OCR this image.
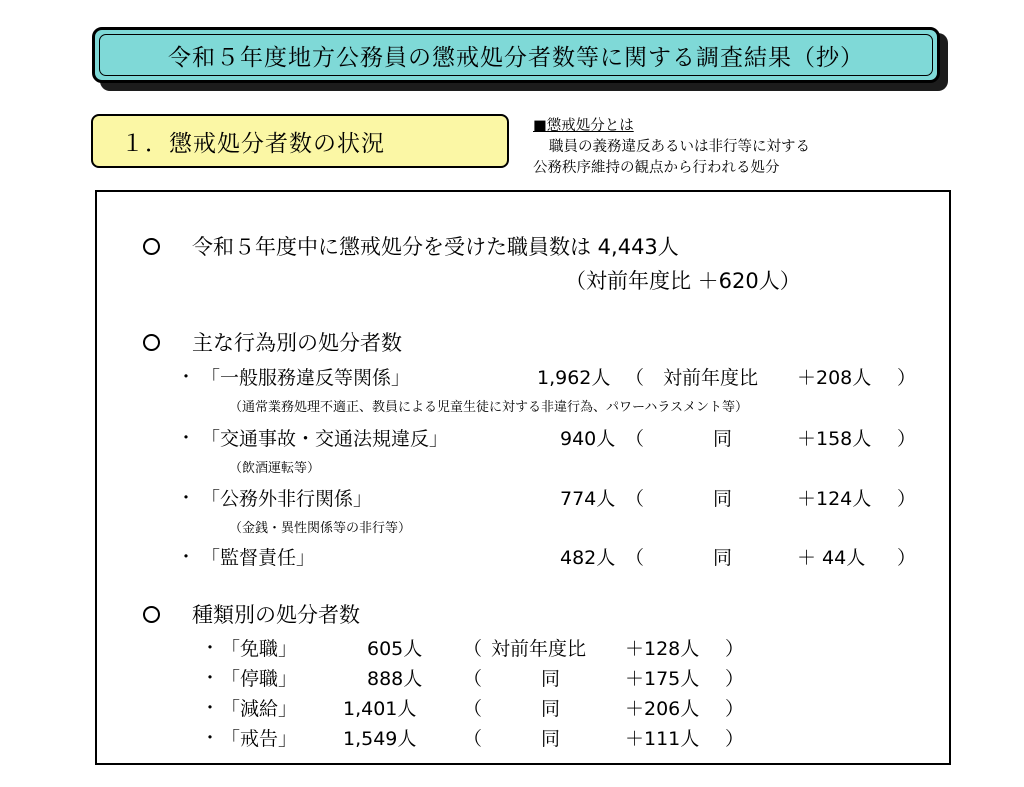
令和５年度地方公務員の懲戒処分者数等に関する調査結果（抄）
１．懲戒処分者数の状況
■懲戒処分とは
職員の義務違反あるいは非行等に対する
公務秩序維持の観点から行われる処分
令和５年度中に懲戒処分を受けた職員数は 4,443人
（対前年度比 ＋620人）
主な行為別の処分者数
・ 「一般服務違反等関係」	1,962人 （ 対前年度比 ＋208人 ）
（通常業務処理不適正、教員による児童生徒に対する非違行為、パワーハラスメント等）
・ 「交通事故・交通法規違反」	940人 （	同	＋158人 ）
（飲酒運転等）
・ 「公務外非行関係」	774人 （	同	＋124人 ）
（金銭・異性関係等の非行等）
・ 「監督責任」	482人 （	同	＋ 44人 ）
種類別の処分者数
・ 「免職」	605人 （ 対前年度比 ＋128人 ）
・ 「停職」	888人 （	同	＋175人 ）
・ 「減給」 1,401人 （	同	＋206人 ）
・ 「戒告」 1,549人 （	同	＋111人 ）
